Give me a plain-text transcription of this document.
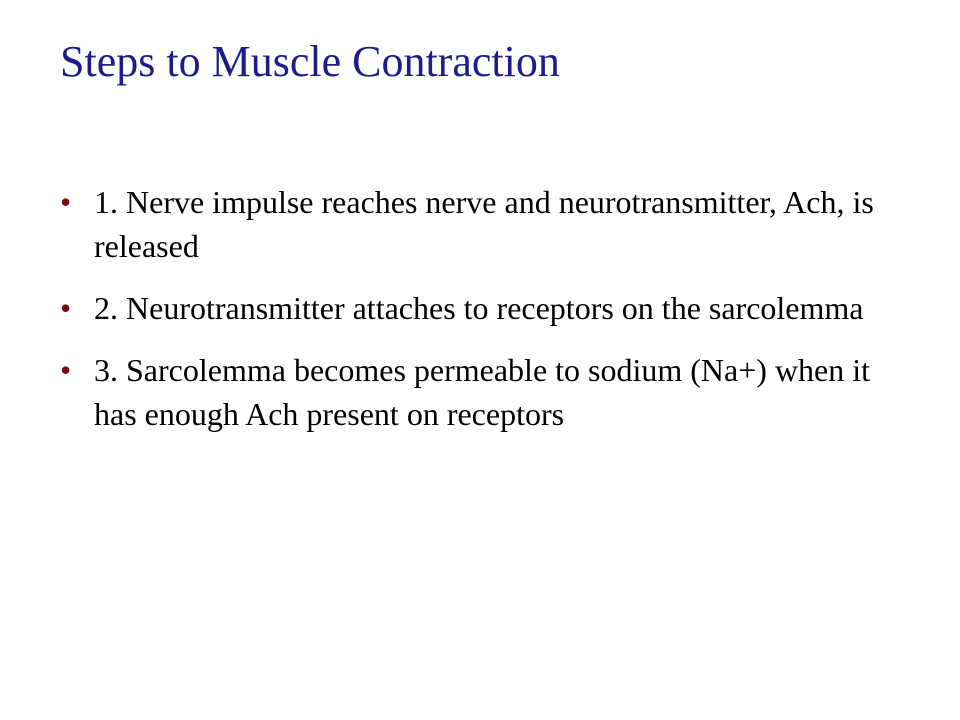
Steps to Muscle Contraction
• 1. Nerve impulse reaches nerve and neurotransmitter, Ach, is released
• 2. Neurotransmitter attaches to receptors on the sarcolemma
• 3. Sarcolemma becomes permeable to sodium (Na+) when it has enough Ach present on receptors
